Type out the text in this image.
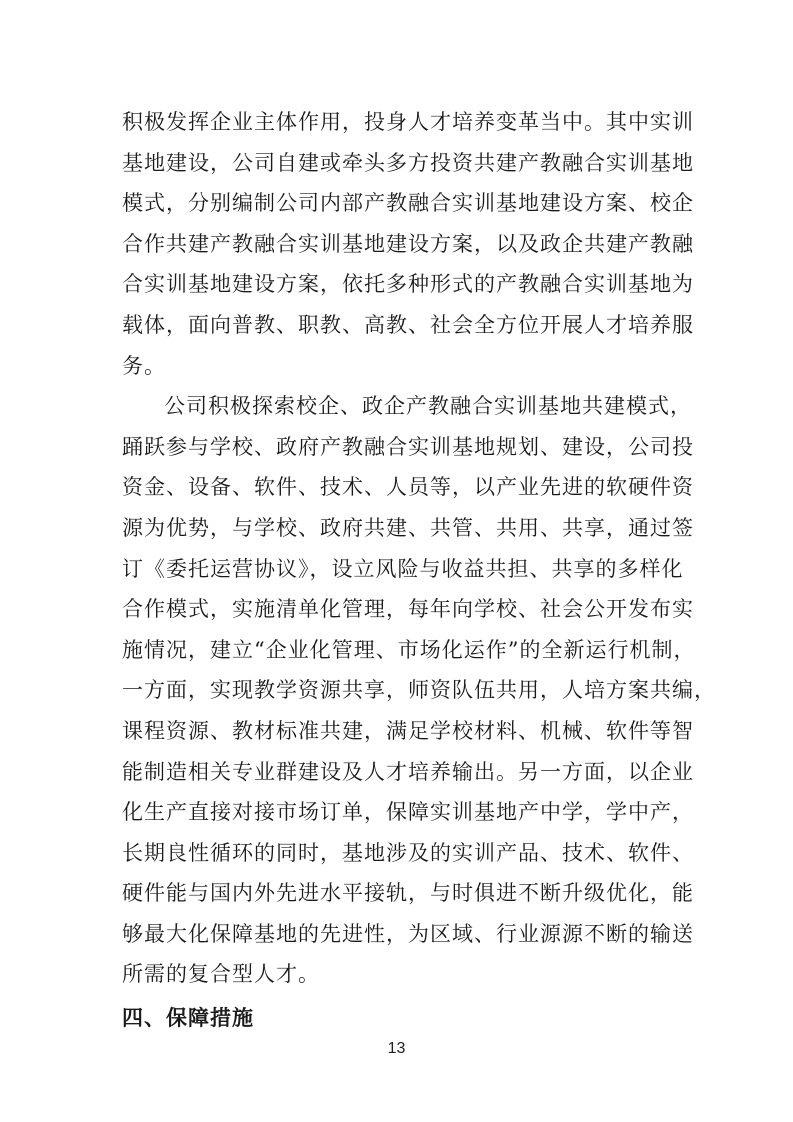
积极发挥企业主体作用，投身人才培养变革当中。其中实训
基地建设，公司自建或牵头多方投资共建产教融合实训基地
模式，分别编制公司内部产教融合实训基地建设方案、校企
合作共建产教融合实训基地建设方案，以及政企共建产教融
合实训基地建设方案，依托多种形式的产教融合实训基地为
载体，面向普教、职教、高教、社会全方位开展人才培养服
务。
公司积极探索校企、政企产教融合实训基地共建模式，
踊跃参与学校、政府产教融合实训基地规划、建设，公司投
资金、设备、软件、技术、人员等，以产业先进的软硬件资
源为优势，与学校、政府共建、共管、共用、共享，通过签
订《委托运营协议》，设立风险与收益共担、共享的多样化
合作模式，实施清单化管理，每年向学校、社会公开发布实
施情况，建立“企业化管理、市场化运作”的全新运行机制，
一方面，实现教学资源共享，师资队伍共用，人培方案共编，
课程资源、教材标准共建，满足学校材料、机械、软件等智
能制造相关专业群建设及人才培养输出。另一方面，以企业
化生产直接对接市场订单，保障实训基地产中学，学中产，
长期良性循环的同时，基地涉及的实训产品、技术、软件、
硬件能与国内外先进水平接轨，与时俱进不断升级优化，能
够最大化保障基地的先进性，为区域、行业源源不断的输送
所需的复合型人才。
四、保障措施
13
